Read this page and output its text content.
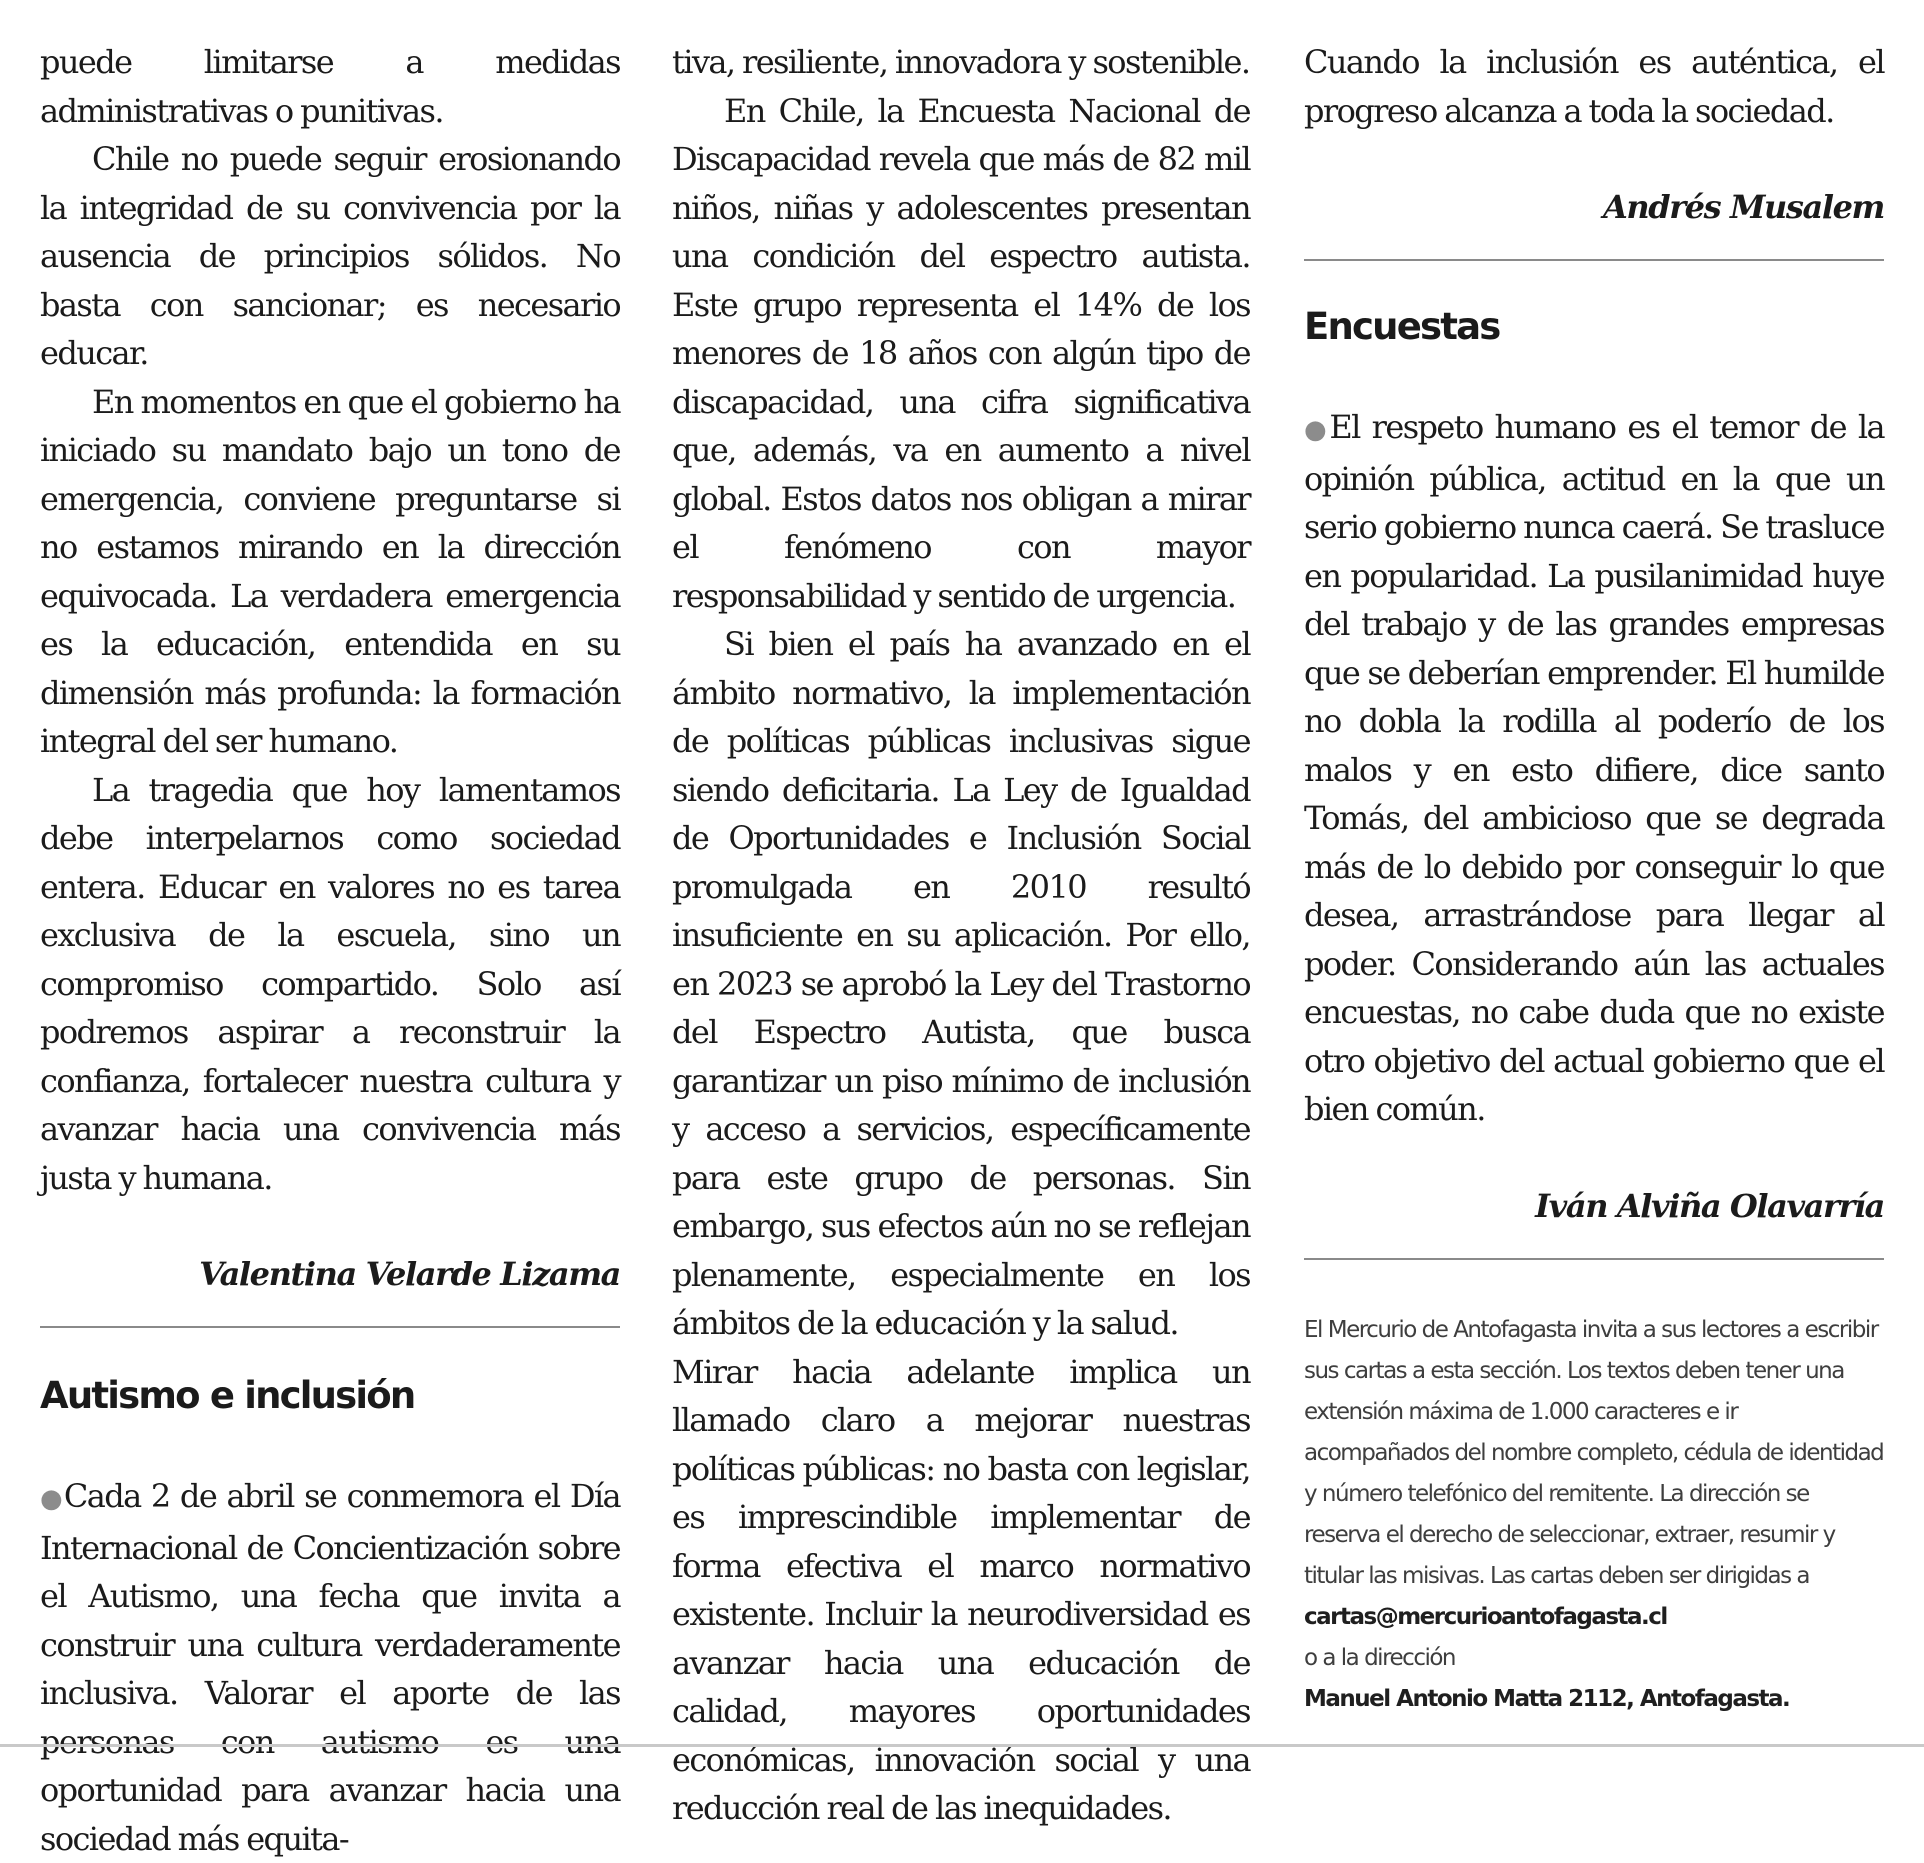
puede limitarse a medidas administrativas o punitivas.

Chile no puede seguir erosionando la integridad de su convivencia por la ausencia de principios sólidos. No basta con sancionar; es necesario educar.

En momentos en que el gobierno ha iniciado su mandato bajo un tono de emergencia, conviene preguntarse si no estamos mirando en la dirección equivocada. La verdadera emergencia es la educación, entendida en su dimensión más profunda: la formación integral del ser humano.

La tragedia que hoy lamentamos debe interpelarnos como sociedad entera. Educar en valores no es tarea exclusiva de la escuela, sino un compromiso compartido. Solo así podremos aspirar a reconstruir la confianza, fortalecer nuestra cultura y avanzar hacia una convivencia más justa y humana.

Valentina Velarde Lizama
Autismo e inclusión

●Cada 2 de abril se conmemora el Día Internacional de Concientización sobre el Autismo, una fecha que invita a construir una cultura verdaderamente inclusiva. Valorar el aporte de las personas con autismo es una oportunidad para avanzar hacia una sociedad más equita-

tiva, resiliente, innovadora y sostenible.

En Chile, la Encuesta Nacional de Discapacidad revela que más de 82 mil niños, niñas y adolescentes presentan una condición del espectro autista. Este grupo representa el 14% de los menores de 18 años con algún tipo de discapacidad, una cifra significativa que, además, va en aumento a nivel global. Estos datos nos obligan a mirar el fenómeno con mayor responsabilidad y sentido de urgencia.

Si bien el país ha avanzado en el ámbito normativo, la implementación de políticas públicas inclusivas sigue siendo deficitaria. La Ley de Igualdad de Oportunidades e Inclusión Social promulgada en 2010 resultó insuficiente en su aplicación. Por ello, en 2023 se aprobó la Ley del Trastorno del Espectro Autista, que busca garantizar un piso mínimo de inclusión y acceso a servicios, específicamente para este grupo de personas. Sin embargo, sus efectos aún no se reflejan plenamente, especialmente en los ámbitos de la educación y la salud.

Mirar hacia adelante implica un llamado claro a mejorar nuestras políticas públicas: no basta con legislar, es imprescindible implementar de forma efectiva el marco normativo existente. Incluir la neurodiversidad es avanzar hacia una educación de calidad, mayores oportunidades económicas, innovación social y una reducción real de las inequidades.

Cuando la inclusión es auténtica, el progreso alcanza a toda la sociedad.

Andrés Musalem
Encuestas

●El respeto humano es el temor de la opinión pública, actitud en la que un serio gobierno nunca caerá. Se trasluce en popularidad. La pusilanimidad huye del trabajo y de las grandes empresas que se deberían emprender. El humilde no dobla la rodilla al poderío de los malos y en esto difiere, dice santo Tomás, del ambicioso que se degrada más de lo debido por conseguir lo que desea, arrastrándose para llegar al poder. Considerando aún las actuales encuestas, no cabe duda que no existe otro objetivo del actual gobierno que el bien común.

Iván Alviña Olavarría
El Mercurio de Antofagasta invita a sus lectores a escribir sus cartas a esta sección. Los textos deben tener una extensión máxima de 1.000 caracteres e ir acompañados del nombre completo, cédula de identidad y número telefónico del remitente. La dirección se reserva el derecho de seleccionar, extraer, resumir y titular las misivas. Las cartas deben ser dirigidas a
cartas@mercurioantofagasta.cl
o a la dirección
Manuel Antonio Matta 2112, Antofagasta.
